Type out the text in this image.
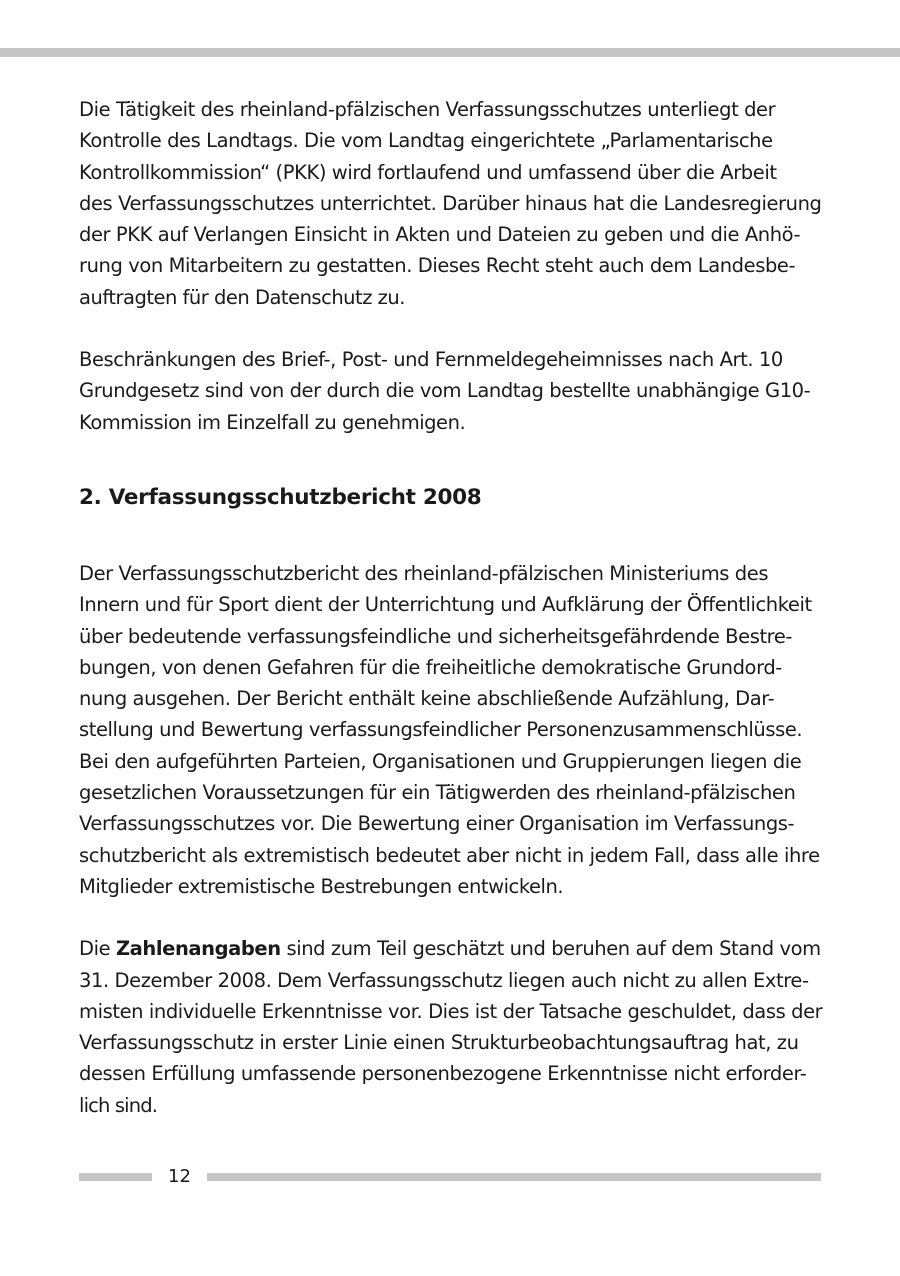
Die Tätigkeit des rheinland-pfälzischen Verfassungsschutzes unterliegt der
Kontrolle des Landtags. Die vom Landtag eingerichtete „Parlamentarische
Kontrollkommission“ (PKK) wird fortlaufend und umfassend über die Arbeit
des Verfassungsschutzes unterrichtet. Darüber hinaus hat die Landesregierung
der PKK auf Verlangen Einsicht in Akten und Dateien zu geben und die Anhö-
rung von Mitarbeitern zu gestatten. Dieses Recht steht auch dem Landesbe-
auftragten für den Datenschutz zu.

Beschränkungen des Brief-, Post- und Fernmeldegeheimnisses nach Art. 10
Grundgesetz sind von der durch die vom Landtag bestellte unabhängige G10-
Kommission im Einzelfall zu genehmigen.

2. Verfassungsschutzbericht 2008

Der Verfassungsschutzbericht des rheinland-pfälzischen Ministeriums des
Innern und für Sport dient der Unterrichtung und Aufklärung der Öffentlichkeit
über bedeutende verfassungsfeindliche und sicherheitsgefährdende Bestre-
bungen, von denen Gefahren für die freiheitliche demokratische Grundord-
nung ausgehen. Der Bericht enthält keine abschließende Aufzählung, Dar-
stellung und Bewertung verfassungsfeindlicher Personenzusammenschlüsse.
Bei den aufgeführten Parteien, Organisationen und Gruppierungen liegen die
gesetzlichen Voraussetzungen für ein Tätigwerden des rheinland-pfälzischen
Verfassungsschutzes vor. Die Bewertung einer Organisation im Verfassungs-
schutzbericht als extremistisch bedeutet aber nicht in jedem Fall, dass alle ihre
Mitglieder extremistische Bestrebungen entwickeln.

Die Zahlenangaben sind zum Teil geschätzt und beruhen auf dem Stand vom
31. Dezember 2008. Dem Verfassungsschutz liegen auch nicht zu allen Extre-
misten individuelle Erkenntnisse vor. Dies ist der Tatsache geschuldet, dass der
Verfassungsschutz in erster Linie einen Strukturbeobachtungsauftrag hat, zu
dessen Erfüllung umfassende personenbezogene Erkenntnisse nicht erforder-
lich sind.

12
